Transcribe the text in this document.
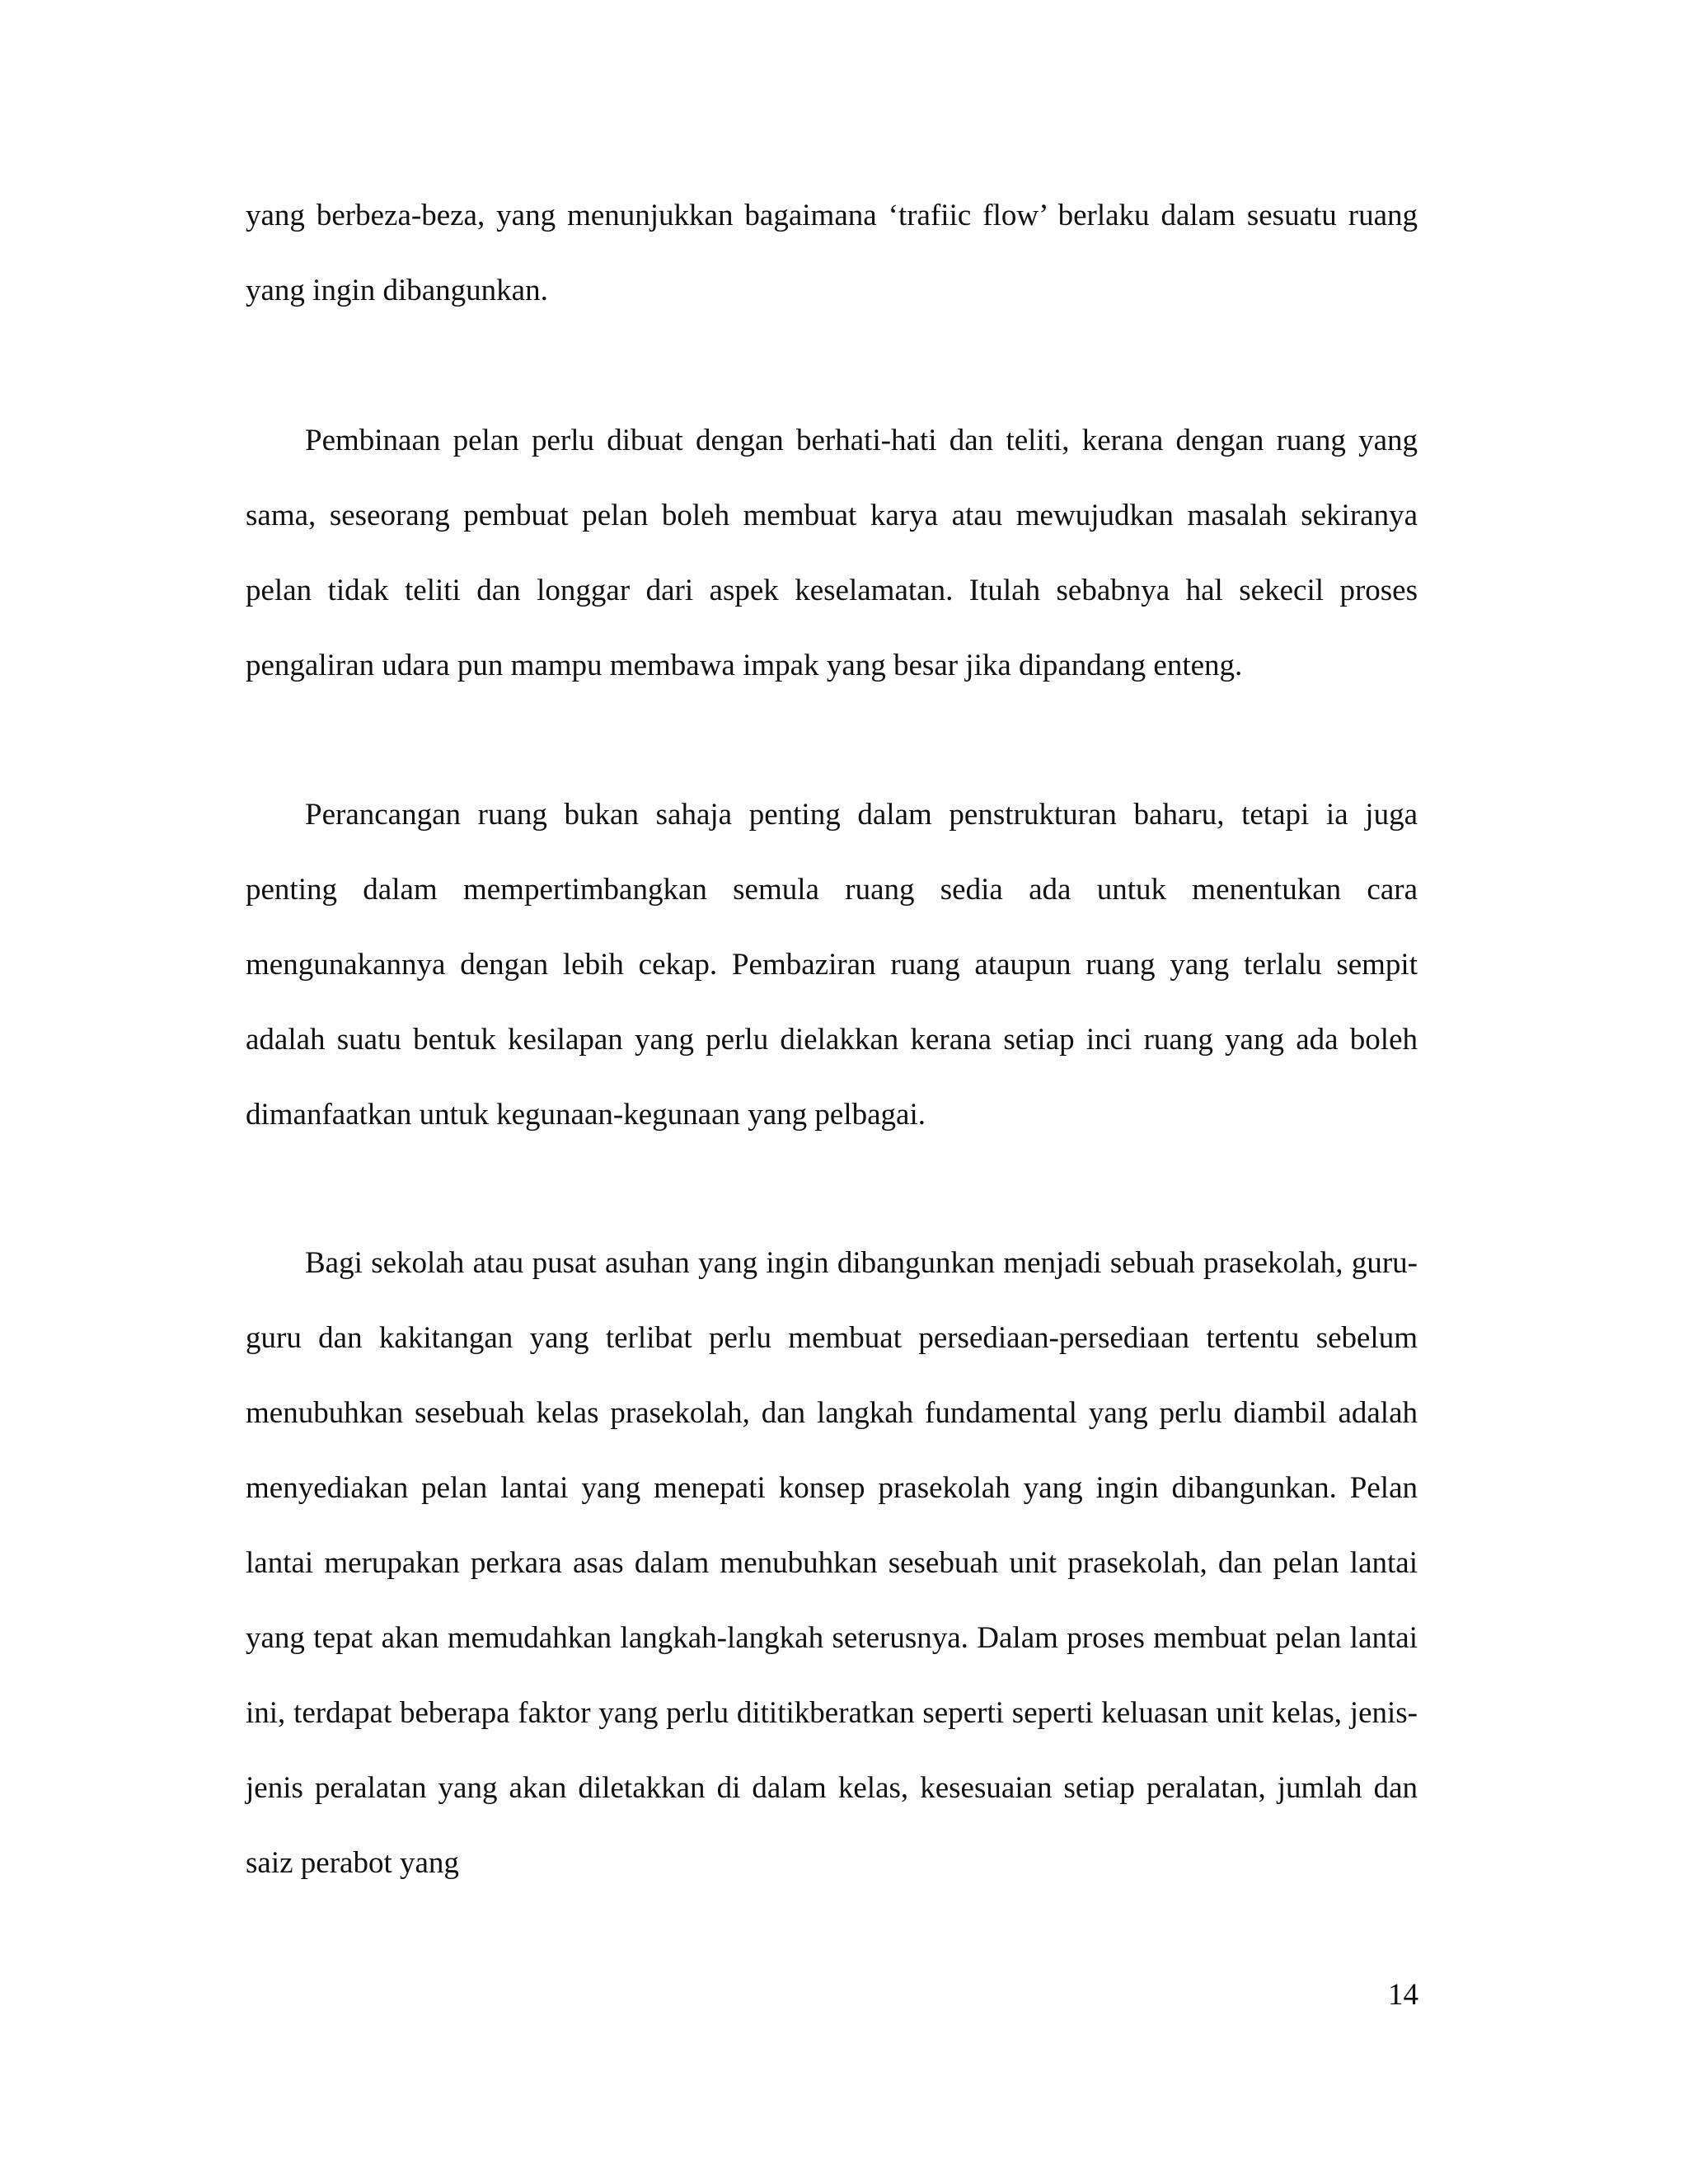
yang berbeza-beza, yang menunjukkan bagaimana ‘trafiic flow’ berlaku dalam sesuatu ruang yang ingin dibangunkan.

Pembinaan pelan perlu dibuat dengan berhati-hati dan teliti, kerana dengan ruang yang sama, seseorang pembuat pelan boleh membuat karya atau mewujudkan masalah sekiranya pelan tidak teliti dan longgar dari aspek keselamatan. Itulah sebabnya hal sekecil proses pengaliran udara pun mampu membawa impak yang besar jika dipandang enteng.

Perancangan ruang bukan sahaja penting dalam penstrukturan baharu, tetapi ia juga penting dalam mempertimbangkan semula ruang sedia ada untuk menentukan cara mengunakannya dengan lebih cekap. Pembaziran ruang ataupun ruang yang terlalu sempit adalah suatu bentuk kesilapan yang perlu dielakkan kerana setiap inci ruang yang ada boleh dimanfaatkan untuk kegunaan-kegunaan yang pelbagai.

Bagi sekolah atau pusat asuhan yang ingin dibangunkan menjadi sebuah prasekolah, guru-guru dan kakitangan yang terlibat perlu membuat persediaan-persediaan tertentu sebelum menubuhkan sesebuah kelas prasekolah, dan langkah fundamental yang perlu diambil adalah menyediakan pelan lantai yang menepati konsep prasekolah yang ingin dibangunkan. Pelan lantai merupakan perkara asas dalam menubuhkan sesebuah unit prasekolah, dan pelan lantai yang tepat akan memudahkan langkah-langkah seterusnya. Dalam proses membuat pelan lantai ini, terdapat beberapa faktor yang perlu dititikberatkan seperti seperti keluasan unit kelas, jenis-jenis peralatan yang akan diletakkan di dalam kelas, kesesuaian setiap peralatan, jumlah dan saiz perabot yang

14
